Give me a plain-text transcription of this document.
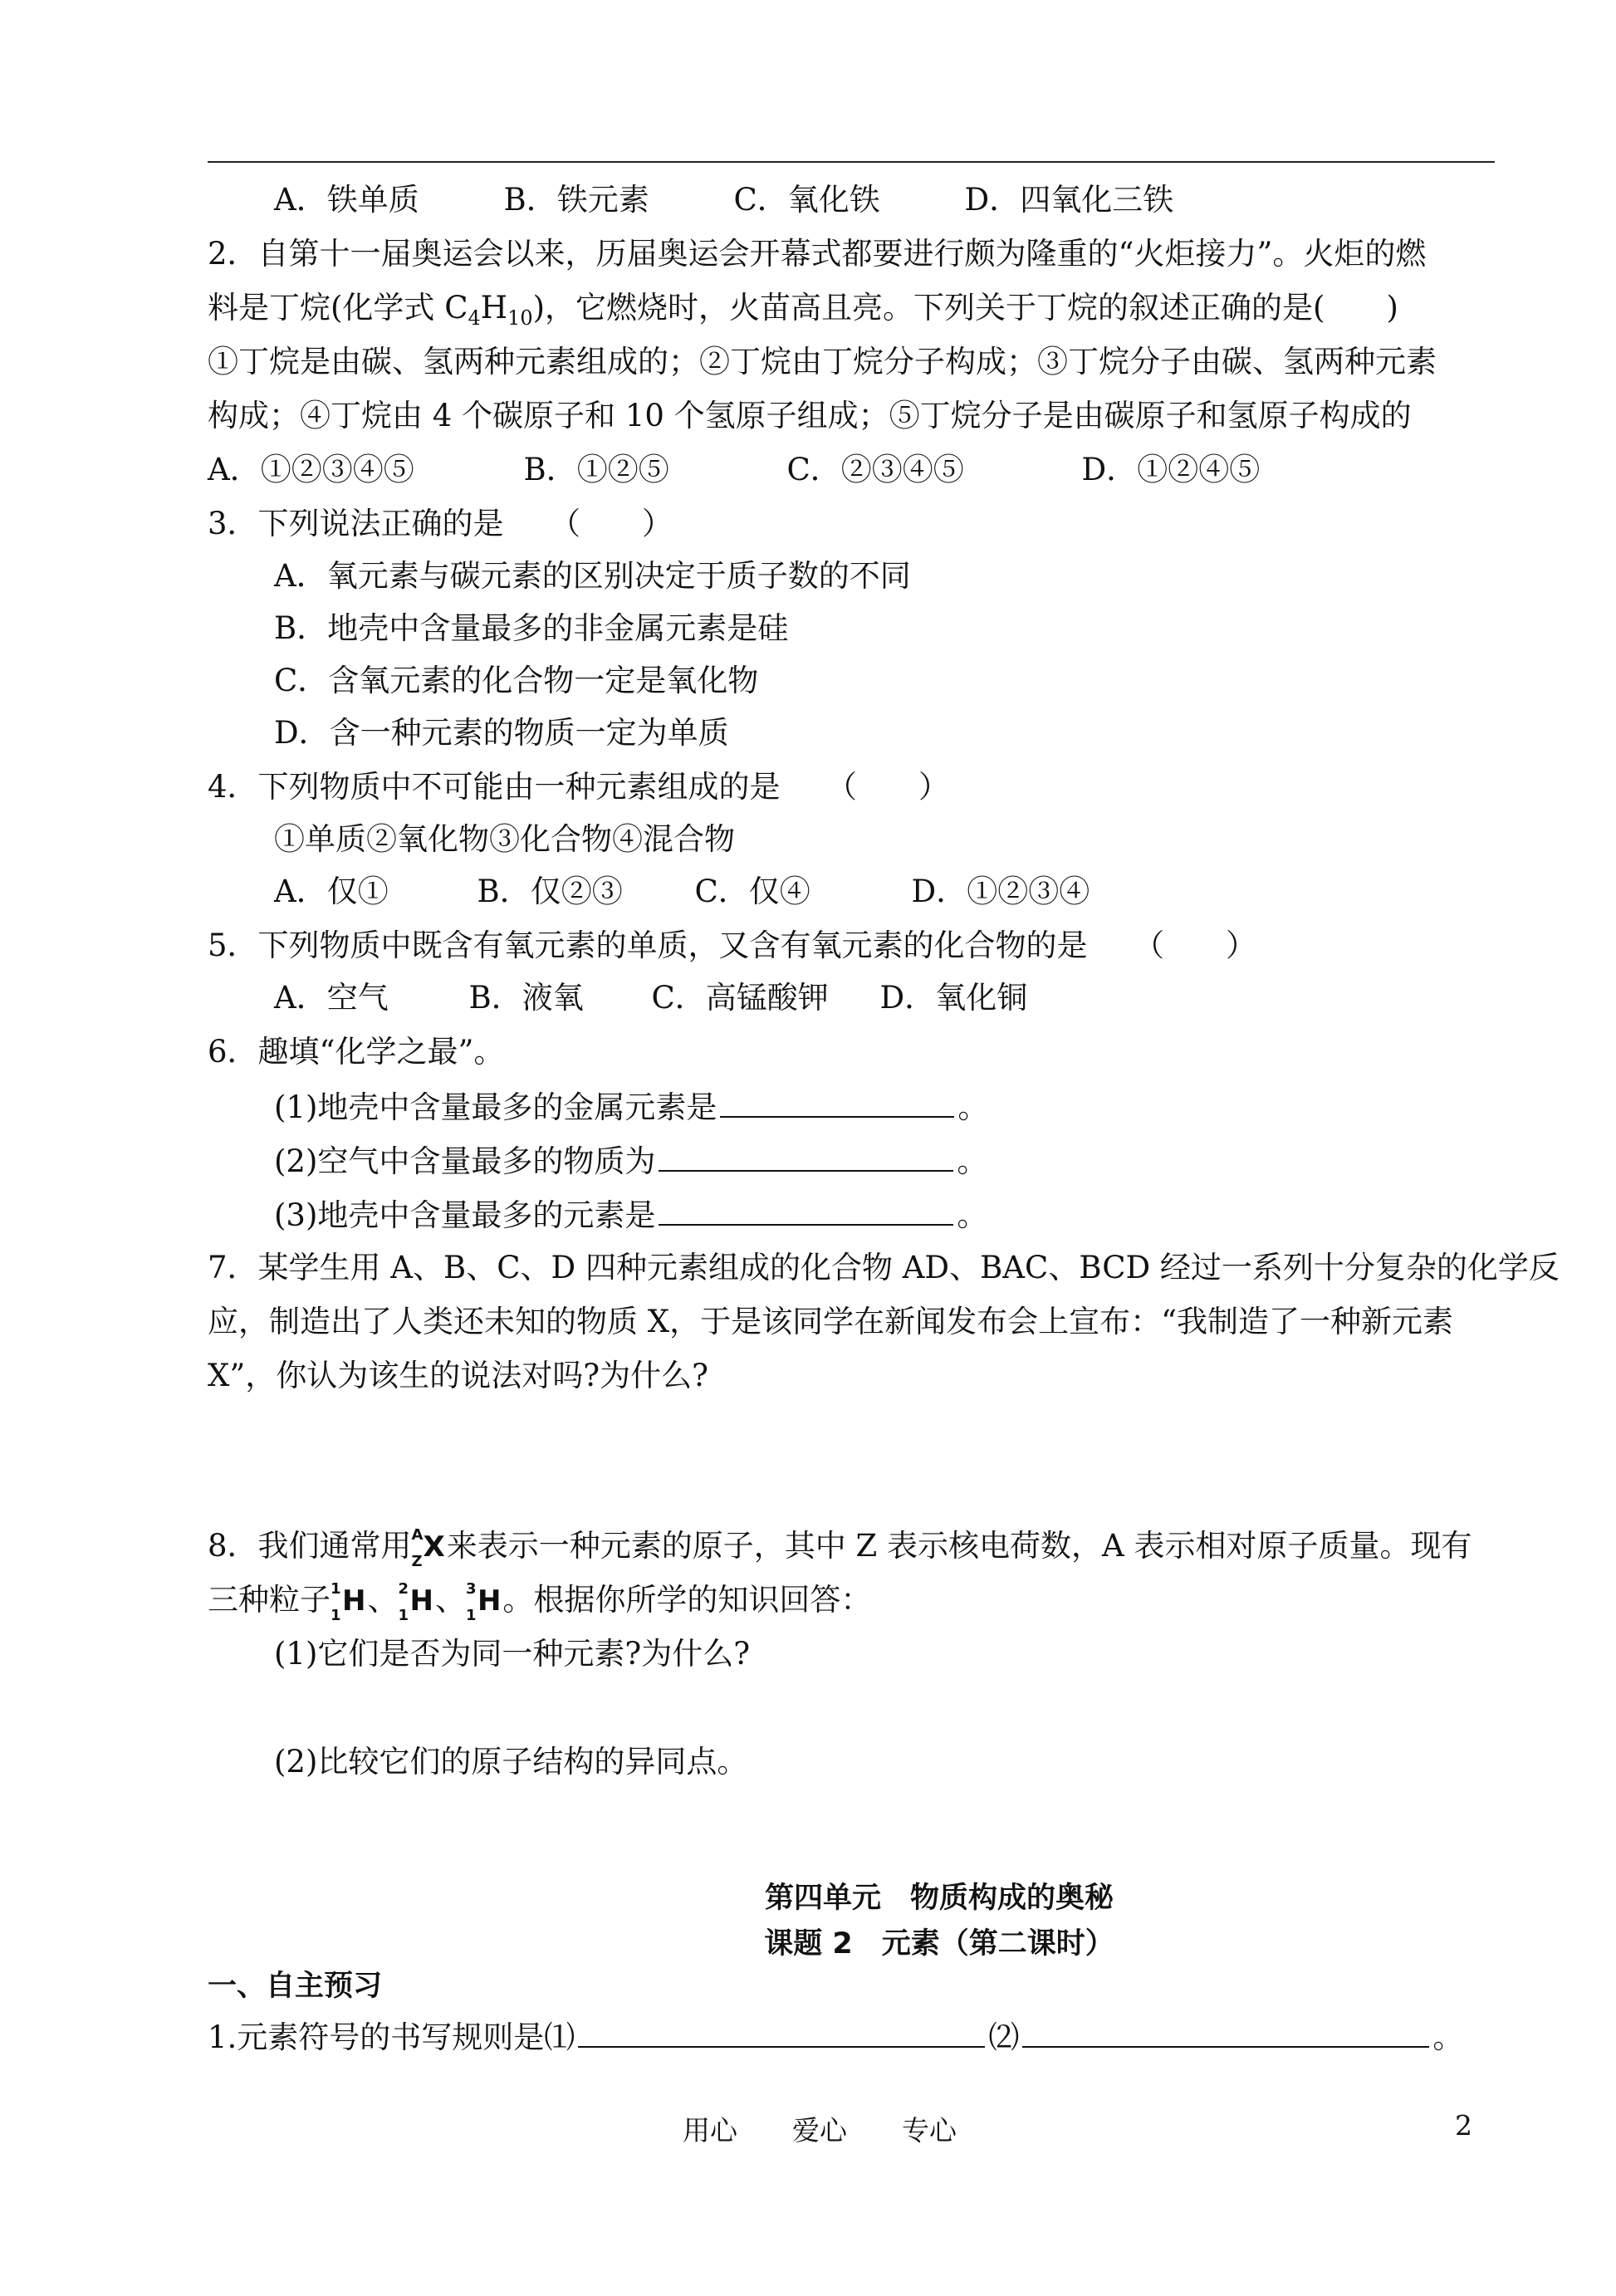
A．铁单质	B．铁元素	C．氧化铁	D．四氧化三铁
2．自第十一届奥运会以来，历届奥运会开幕式都要进行颇为隆重的“火炬接力”。火炬的燃
料是丁烷(化学式 $C_4H_{10}$)，它燃烧时，火苗高且亮。下列关于丁烷的叙述正确的是(　　)
①丁烷是由碳、氢两种元素组成的；②丁烷由丁烷分子构成；③丁烷分子由碳、氢两种元素
构成；④丁烷由 4 个碳原子和 10 个氢原子组成；⑤丁烷分子是由碳原子和氢原子构成的
A．①②③④⑤	B．①②⑤	C．②③④⑤	D．①②④⑤
3．下列说法正确的是　　（　　）
A．氧元素与碳元素的区别决定于质子数的不同
B．地壳中含量最多的非金属元素是硅
C．含氧元素的化合物一定是氧化物
D．含一种元素的物质一定为单质
4．下列物质中不可能由一种元素组成的是　　（　　）
①单质②氧化物③化合物④混合物
A．仅①	B．仅②③ C．仅④	D．①②③④
5．下列物质中既含有氧元素的单质，又含有氧元素的化合物的是　　（　　）
A．空气	B．液氧 C．高锰酸钾 D．氧化铜
6．趣填“化学之最”。
(1)地壳中含量最多的金属元素是	。
(2)空气中含量最多的物质为	。
(3)地壳中含量最多的元素是	。
7．某学生用 A、B、C、D 四种元素组成的化合物 AD、BAC、BCD 经过一系列十分复杂的化学反
应，制造出了人类还未知的物质 X，于是该同学在新闻发布会上宣布：“我制造了一种新元素
X”，你认为该生的说法对吗?为什么?
8．我们通常用 A
Z X来表示一种元素的原子，其中 Z 表示核电荷数，A 表示相对原子质量。现有
三种粒子 1
1 H、 2
1 H、 3
1 H。根据你所学的知识回答：
(1)它们是否为同一种元素?为什么?
(2)比较它们的原子结构的异同点。
第四单元　物质构成的奥秘
课题 2　元素（第二课时）
一、自主预习
1.元素符号的书写规则是⑴	⑵	。
用心　　爱心　　专心	2
